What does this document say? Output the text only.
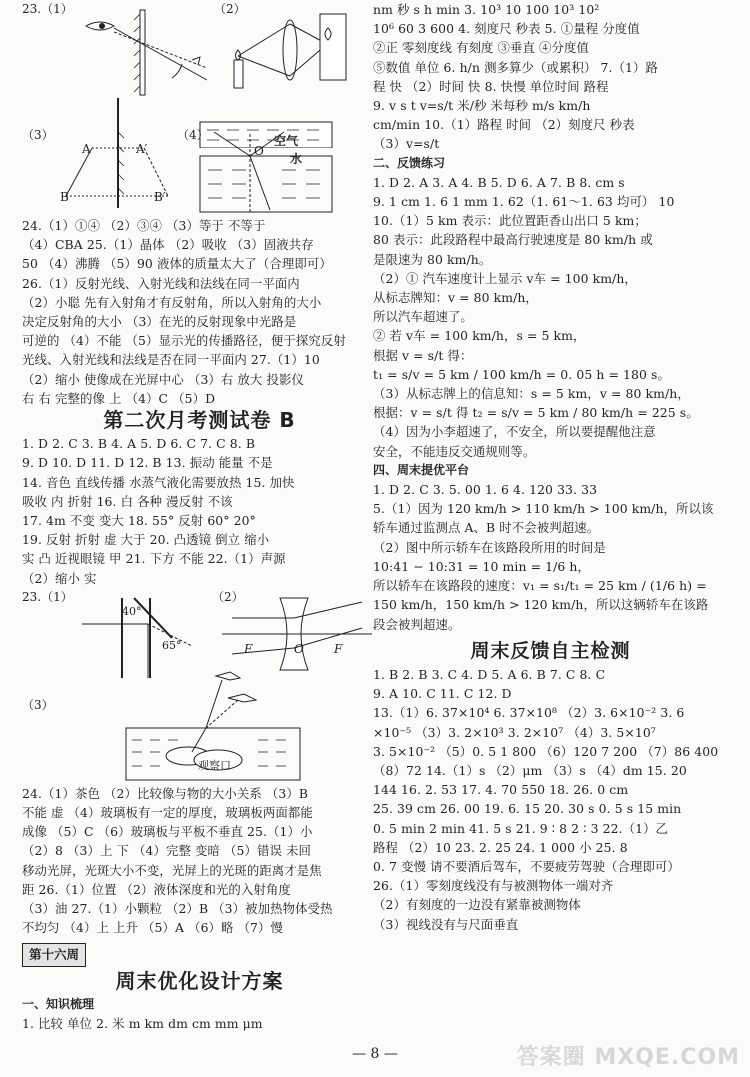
23.（1）	（2）
（3）	（4）
A	A′
B	B′
O
空气
水
24.（1）①④ （2）③④ （3）等于 不等于
（4）CBA 25.（1）晶体 （2）吸收 （3）固液共存
50 （4）沸腾 （5）90 液体的质量太大了（合理即可）
26.（1）反射光线、入射光线和法线在同一平面内
（2）小聪 先有入射角才有反射角，所以入射角的大小
决定反射角的大小 （3）在光的反射现象中光路是
可逆的 （4）不能 （5）显示光的传播路径，便于探究反射
光线、入射光线和法线是否在同一平面内 27.（1）10
（2）缩小 使像成在光屏中心 （3）右 放大 投影仪
右 右 完整的像 上 （4）C （5）D
第二次月考测试卷 B
1. D 2. C 3. B 4. A 5. D 6. C 7. C 8. B
9. D 10. D 11. D 12. B 13. 振动 能量 不是
14. 音色 直线传播 水蒸气液化需要放热 15. 加快
吸收 内 折射 16. 白 各种 漫反射 不该
17. 4m 不变 变大 18. 55° 反射 60° 20°
19. 反射 折射 虚 大于 20. 凸透镜 倒立 缩小
实 凸 近视眼镜 甲 21. 下方 不能 22.（1）声源
（2）缩小 实
23.（1）	（2）
（3）
40°
65°	F	O	F
观察口
24.（1）茶色 （2）比较像与物的大小关系 （3）B
不能 虚 （4）玻璃板有一定的厚度，玻璃板两面都能
成像 （5）C （6）玻璃板与平板不垂直 25.（1）小
（2）8 （3）上 下 （4）完整 变暗 （5）错误 未回
移动光屏，光斑大小不变，光屏上的光斑的距离才是焦
距 26.（1）位置 （2）液体深度和光的入射角度
（3）油 27.（1）小颗粒 （2）B （3）被加热物体受热
不均匀 （4）上 上升 （5）A （6）略 （7）慢
第十六周
周末优化设计方案
一、知识梳理
1. 比较 单位 2. 米 m km dm cm mm μm
nm 秒 s h min 3. 10³ 10 100 10³ 10²
10⁶ 60 3 600 4. 刻度尺 秒表 5. ①量程 分度值
②正 零刻度线 有刻度 ③垂直 ④分度值
⑤数值 单位 6. h/n 测多算少（或累积） 7.（1）路
程 快 （2）时间 快 8. 快慢 单位时间 路程
9. v s t v=s/t 米/秒 米每秒 m/s km/h
cm/min 10.（1）路程 时间 （2）刻度尺 秒表
（3）v=s/t
二、反馈练习
1. D 2. A 3. A 4. B 5. D 6. A 7. B 8. cm s
9. 1 cm 1. 6 1 mm 1. 62（1. 61～1. 63 均可） 10
10.（1）5 km 表示：此位置距香山出口 5 km；
80 表示：此段路程中最高行驶速度是 80 km/h 或
是限速为 80 km/h。
（2）① 汽车速度计上显示 v车 = 100 km/h，
从标志牌知：v = 80 km/h，
所以汽车超速了。
② 若 v车 = 100 km/h，s = 5 km，
根据 v = s/t 得：
t₁ = s/v = 5 km / 100 km/h = 0. 05 h = 180 s。
（3）从标志牌上的信息知：s = 5 km，v = 80 km/h，
根据：v = s/t 得 t₂ = s/v = 5 km / 80 km/h = 225 s。
（4）因为小李超速了，不安全，所以要提醒他注意
安全，不能违反交通规则等。
四、周末提优平台
1. D 2. C 3. 5. 00 1. 6 4. 120 33. 33
5.（1）因为 120 km/h > 110 km/h > 100 km/h，所以该
轿车通过监测点 A、B 时不会被判超速。
（2）图中所示轿车在该路段所用的时间是
10:41 − 10:31 = 10 min = 1/6 h，
所以轿车在该路段的速度：v₁ = s₁/t₁ = 25 km / (1/6 h) =
150 km/h，150 km/h > 120 km/h，所以这辆轿车在该路
段会被判超速。
周末反馈自主检测
1. B 2. B 3. C 4. D 5. A 6. B 7. C 8. C
9. A 10. C 11. C 12. D
13.（1）6. 37×10⁴ 6. 37×10⁸ （2）3. 6×10⁻² 3. 6
×10⁻⁵ （3）3. 2×10³ 3. 2×10⁷ （4）3. 5×10⁷
3. 5×10⁻² （5）0. 5 1 800 （6）120 7 200 （7）86 400
（8）72 14.（1）s （2）μm （3）s （4）dm 15. 20
144 16. 2. 53 17. 4. 70 550 18. 26. 0 cm
25. 39 cm 26. 00 19. 6. 15 20. 30 s 0. 5 s 15 min
0. 5 min 2 min 41. 5 s 21. 9 ∶ 8 2 ∶ 3 22.（1）乙
路程 （2）10 23. 2. 25 24. 1 000 小 25. 8
0. 7 变慢 请不要酒后驾车，不要疲劳驾驶（合理即可）
26.（1）零刻度线没有与被测物体一端对齐
（2）有刻度的一边没有紧靠被测物体
（3）视线没有与尺面垂直
— 8 —	答案圈 MXQE.COM
